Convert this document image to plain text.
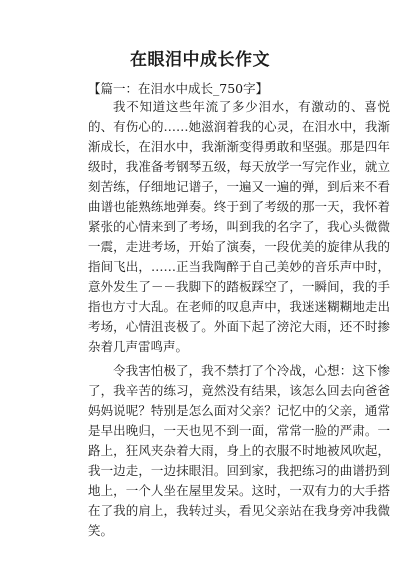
在眼泪中成长作文
【篇一：在泪水中成长_750字】

我不知道这些年流了多少泪水，有激动的、喜悦的、有伤心的……她滋润着我的心灵，在泪水中，我渐渐成长，在泪水中，我渐渐变得勇敢和坚强。那是四年级时，我准备考钢琴五级，每天放学一写完作业，就立刻苦练，仔细地记谱子，一遍又一遍的弹，到后来不看曲谱也能熟练地弹奏。终于到了考级的那一天，我怀着紧张的心情来到了考场，叫到我的名字了，我心头微微一震，走进考场，开始了演奏，一段优美的旋律从我的指间飞出，……正当我陶醉于自己美妙的音乐声中时，意外发生了－－我脚下的踏板踩空了，一瞬间，我的手指也方寸大乱。在老师的叹息声中，我迷迷糊糊地走出考场，心情沮丧极了。外面下起了滂沱大雨，还不时掺杂着几声雷鸣声。

令我害怕极了，我不禁打了个冷战，心想：这下惨了，我辛苦的练习，竟然没有结果，该怎么回去向爸爸妈妈说呢？特别是怎么面对父亲？记忆中的父亲，通常是早出晚归，一天也见不到一面，常常一脸的严肃。一路上，狂风夹杂着大雨，身上的衣服不时地被风吹起，我一边走，一边抹眼泪。回到家，我把练习的曲谱扔到地上，一个人坐在屋里发呆。这时，一双有力的大手搭在了我的肩上，我转过头，看见父亲站在我身旁冲我微笑。
